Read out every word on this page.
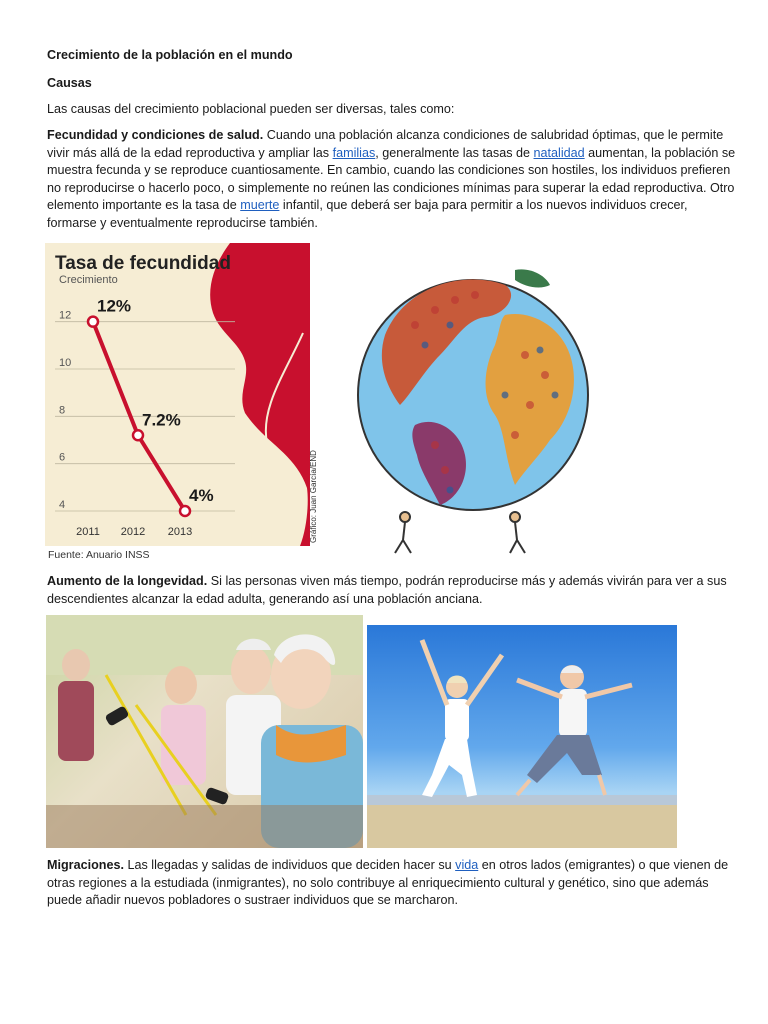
Crecimiento de la población en el mundo

Causas

Las causas del crecimiento poblacional pueden ser diversas, tales como:

Fecundidad y condiciones de salud. Cuando una población alcanza condiciones de salubridad óptimas, que le permite vivir más allá de la edad reproductiva y ampliar las familias, generalmente las tasas de natalidad aumentan, la población se muestra fecunda y se reproduce cuantiosamente. En cambio, cuando las condiciones son hostiles, los individuos prefieren no reproducirse o hacerlo poco, o simplemente no reúnen las condiciones mínimas para superar la edad reproductiva. Otro elemento importante es la tasa de muerte infantil, que deberá ser baja para permitir a los nuevos individuos crecer, formarse y eventualmente reproducirse también.

12
10
8
6
4
2011 2012 2013
12%
7.2%
4%
Tasa de fecundidad
Crecimiento
Gráfico: Juan García/END
Fuente: Anuario INSS

Aumento de la longevidad. Si las personas viven más tiempo, podrán reproducirse más y además vivirán para ver a sus descendientes alcanzar la edad adulta, generando así una población anciana.

Migraciones. Las llegadas y salidas de individuos que deciden hacer su vida en otros lados (emigrantes) o que vienen de otras regiones a la estudiada (inmigrantes), no solo contribuye al enriquecimiento cultural y genético, sino que además puede añadir nuevos pobladores o sustraer individuos que se marcharon.
